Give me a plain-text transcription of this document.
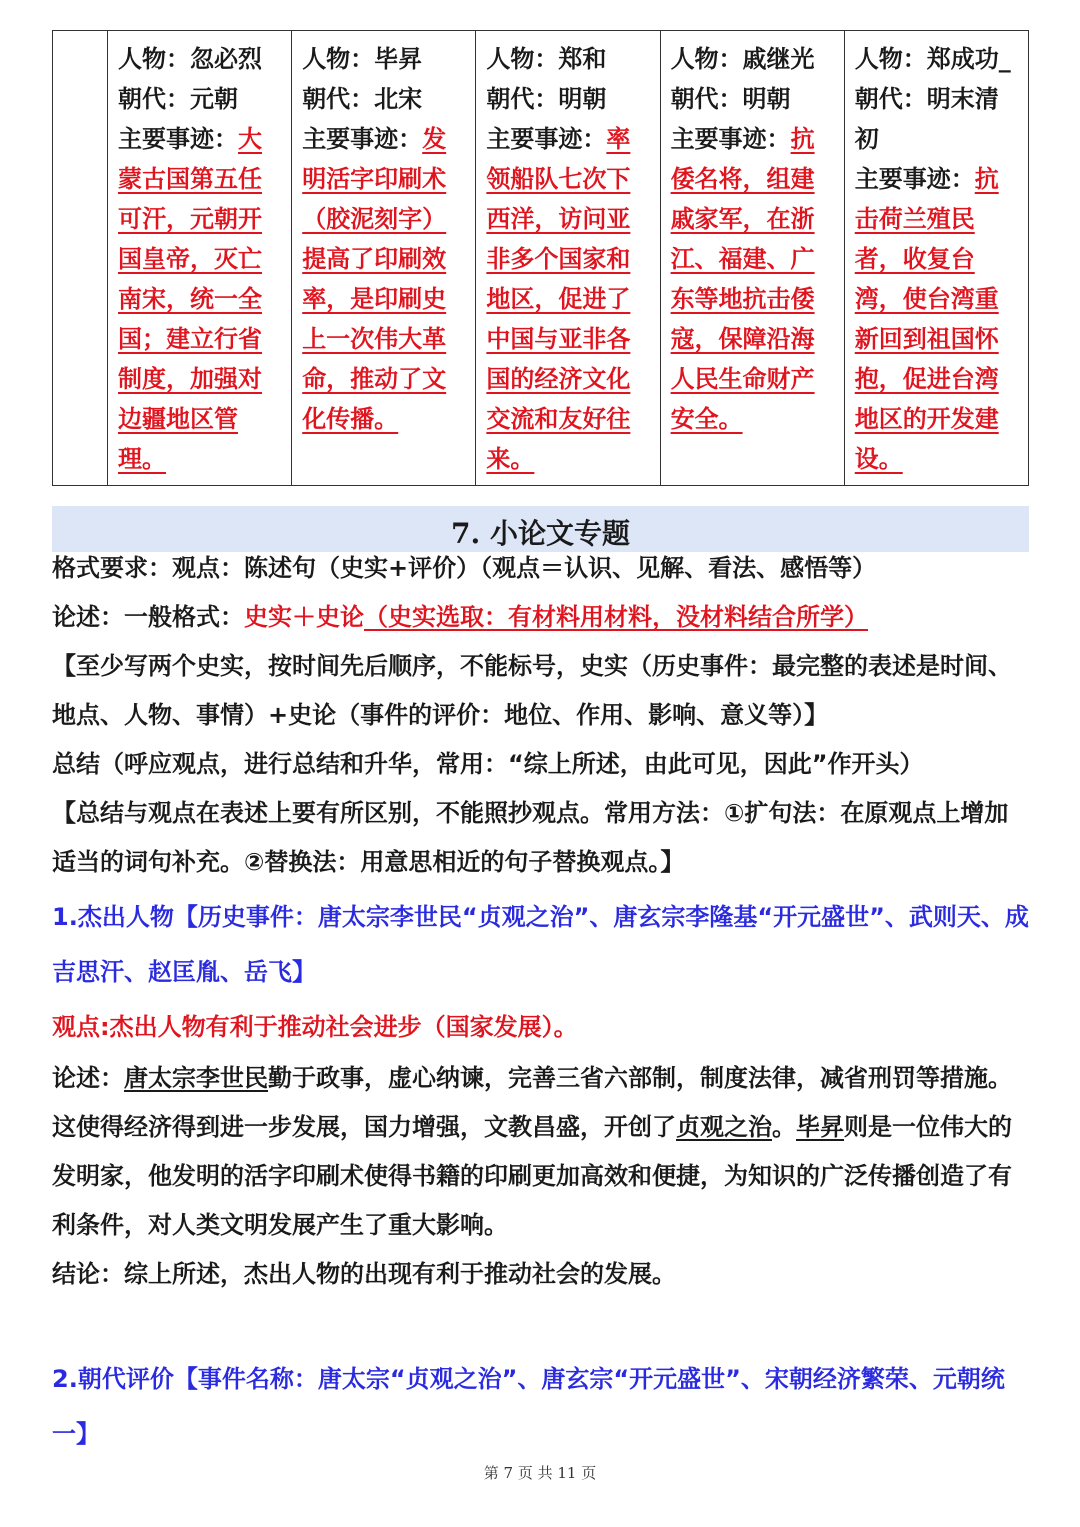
人物：忽必烈
朝代：元朝
主要事迹：大蒙古国第五任可汗，元朝开国皇帝，灭亡南宋，统一全国；建立行省制度，加强对边疆地区管理。	
人物：毕昇
朝代：北宋
主要事迹：发明活字印刷术（胶泥刻字）提高了印刷效率，是印刷史上一次伟大革命，推动了文化传播。	
人物：郑和
朝代：明朝
主要事迹：率领船队七次下西洋，访问亚非多个国家和地区，促进了中国与亚非各国的经济文化交流和友好往来。	
人物：戚继光
朝代：明朝
主要事迹：抗倭名将，组建戚家军，在浙江、福建、广东等地抗击倭寇，保障沿海人民生命财产安全。	
人物：郑成功_
朝代：明末清初
主要事迹：抗击荷兰殖民者，收复台湾，使台湾重新回到祖国怀抱，促进台湾地区的开发建设。
7. 小论文专题

格式要求：观点：陈述句（史实+评价）（观点＝认识、见解、看法、感悟等）

论述：一般格式：史实＋史论（史实选取：有材料用材料，没材料结合所学）

【至少写两个史实，按时间先后顺序，不能标号，史实（历史事件：最完整的表述是时间、地点、人物、事情）+史论（事件的评价：地位、作用、影响、意义等）】

总结（呼应观点，进行总结和升华，常用：“综上所述，由此可见，因此”作开头）

【总结与观点在表述上要有所区别，不能照抄观点。常用方法：①扩句法：在原观点上增加适当的词句补充。②替换法：用意思相近的句子替换观点。】

1.杰出人物【历史事件：唐太宗李世民“贞观之治”、唐玄宗李隆基“开元盛世”、武则天、成吉思汗、赵匡胤、岳飞】

观点:杰出人物有利于推动社会进步（国家发展）。

论述：唐太宗李世民勤于政事，虚心纳谏，完善三省六部制，制度法律，减省刑罚等措施。这使得经济得到进一步发展，国力增强，文教昌盛，开创了贞观之治。毕昇则是一位伟大的发明家，他发明的活字印刷术使得书籍的印刷更加高效和便捷，为知识的广泛传播创造了有利条件，对人类文明发展产生了重大影响。

结论：综上所述，杰出人物的出现有利于推动社会的发展。

2.朝代评价【事件名称：唐太宗“贞观之治”、唐玄宗“开元盛世”、宋朝经济繁荣、元朝统一】

第 7 页 共 11 页
